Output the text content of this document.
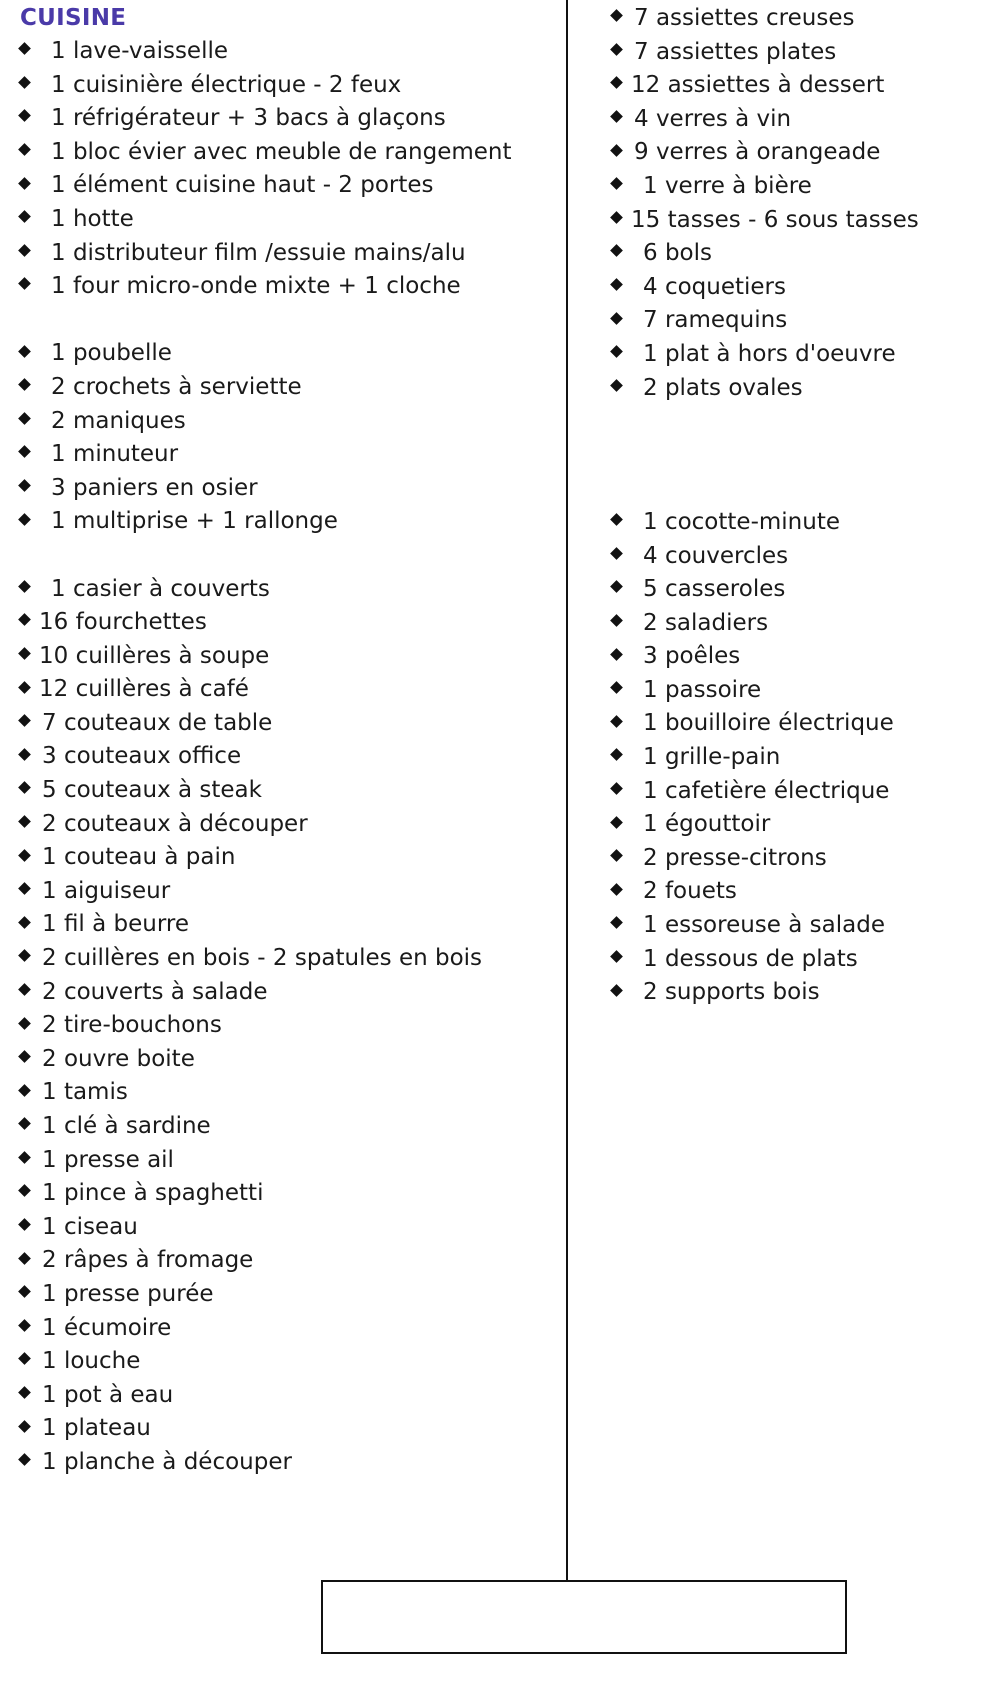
CUISINE
1 lave-vaisselle
1 cuisinière électrique - 2 feux
1 réfrigérateur + 3 bacs à glaçons
1 bloc évier avec meuble de rangement
1 élément cuisine haut - 2 portes
1 hotte
1 distributeur film /essuie mains/alu
1 four micro-onde mixte + 1 cloche
1 poubelle
2 crochets à serviette
2 maniques
1 minuteur
3 paniers en osier
1 multiprise + 1 rallonge
1 casier à couverts
16 fourchettes
10 cuillères à soupe
12 cuillères à café
7 couteaux de table
3 couteaux office
5 couteaux à steak
2 couteaux à découper
1 couteau à pain
1 aiguiseur
1 fil à beurre
2 cuillères en bois - 2 spatules en bois
2 couverts à salade
2 tire-bouchons
2 ouvre boite
1 tamis
1 clé à sardine
1 presse ail
1 pince à spaghetti
1 ciseau
2 râpes à fromage
1 presse purée
1 écumoire
1 louche
1 pot à eau
1 plateau
1 planche à découper
7 assiettes creuses
7 assiettes plates
12 assiettes à dessert
4 verres à vin
9 verres à orangeade
1 verre à bière
15 tasses - 6 sous tasses
6 bols
4 coquetiers
7 ramequins
1 plat à hors d'oeuvre
2 plats ovales
1 cocotte-minute
4 couvercles
5 casseroles
2 saladiers
3 poêles
1 passoire
1 bouilloire électrique
1 grille-pain
1 cafetière électrique
1 égouttoir
2 presse-citrons
2 fouets
1 essoreuse à salade
1 dessous de plats
2 supports bois
